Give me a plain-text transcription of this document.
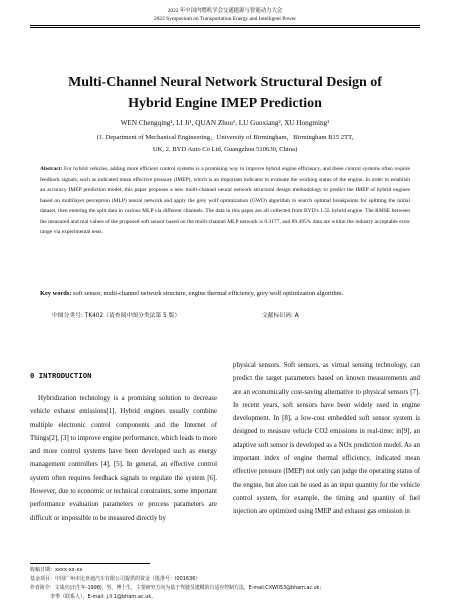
2022 年中国内燃机学会交通能源与智能动力大会
2022 Symposium on Transportation Energy and Intelligent Power
Multi-Channel Neural Network Structural Design of
Hybrid Engine IMEP Prediction
WEN Chengqing¹, LI Ji¹, QUAN Zhou¹, LU Guoxiang², XU Hongming¹
(1. Department of Mechanical Engineering，University of Birmingham，Birmingham B15 2TT,
UK, 2. BYD Auto Co Ltd, Guangzhou 510630, China)
Abstract: For hybrid vehicles, adding more efficient control systems is a promising way to improve hybrid engine efficiency, and these control systems often require feedback signals, such as indicated mean effective pressure (IMEP), which is an important indicator to evaluate the working status of the engine. In order to establish an accuracy IMEP prediction model, this paper proposes a new multi-channel neural network structural design methodology to predict the IMEP of hybrid engines based on multilayer perceptron (MLP) neural network and apply the grey wolf optimization (GWO) algorithm to search optimal breakpoints for splitting the initial dataset, then entering the split data in various MLP via different channels. The data in this paper are all collected from BYD's 1.5L hybrid engine. The RMSE between the measured and real values of the proposed soft sensor based on the multi-channel MLP network is 0.3177, and 89.495% data are within the industry acceptable error range via experimental tests.
Key words: soft sensor, multi-channel network structure, engine thermal efficiency, grey wolf optimization algorithm.
中图分类号: TK402（请查阅中图分类法第 5 版）	文献标识码: A
0 INTRODUCTION
Hybridization technology is a promising solution to decrease vehicle exhaust emissions[1]. Hybrid engines usually combine multiple electronic control components and the Internet of Things[2], [3] to improve engine performance, which leads to more and more control systems have been developed such as energy management controllers [4], [5]. In general, an effective control system often requires feedback signals to regulate the system [6]. However, due to economic or technical constraints, some important performance evaluation parameters or process parameters are difficult or impossible to be measured directly by
physical sensors. Soft sensors, as virtual sensing technology, can predict the target parameters based on known measurements and are an economically cost-saving alternative to physical sensors [7]. In recent years, soft sensors have been widely used in engine development. In [8], a low-cost embedded soft sensor system is designed to measure vehicle CO2 emissions in real-time; in[9], an adaptive soft sensor is developed as a NOx prediction model. As an important index of engine thermal efficiency, indicated mean effective pressure (IMEP) not only can judge the operating status of the engine, but also can be used as an input quantity for the vehicle control system, for example, the timing and quantity of fuel injection are optimized using IMEP and exhaust gas emission in
收稿日期：xxxx-xx-xx
基金项目：中国广州市比亚迪汽车有限公司提供的资金（批准号：l001636）
作者简介：文成庆(出生年-1998)，男，博士生，主要研究方向为基于驾驶员建模的自适应控制方法，E-mail:CXW053@bham.ac.uk；
李季（联系人），E-mail: j.li.1@bham.ac.uk。
